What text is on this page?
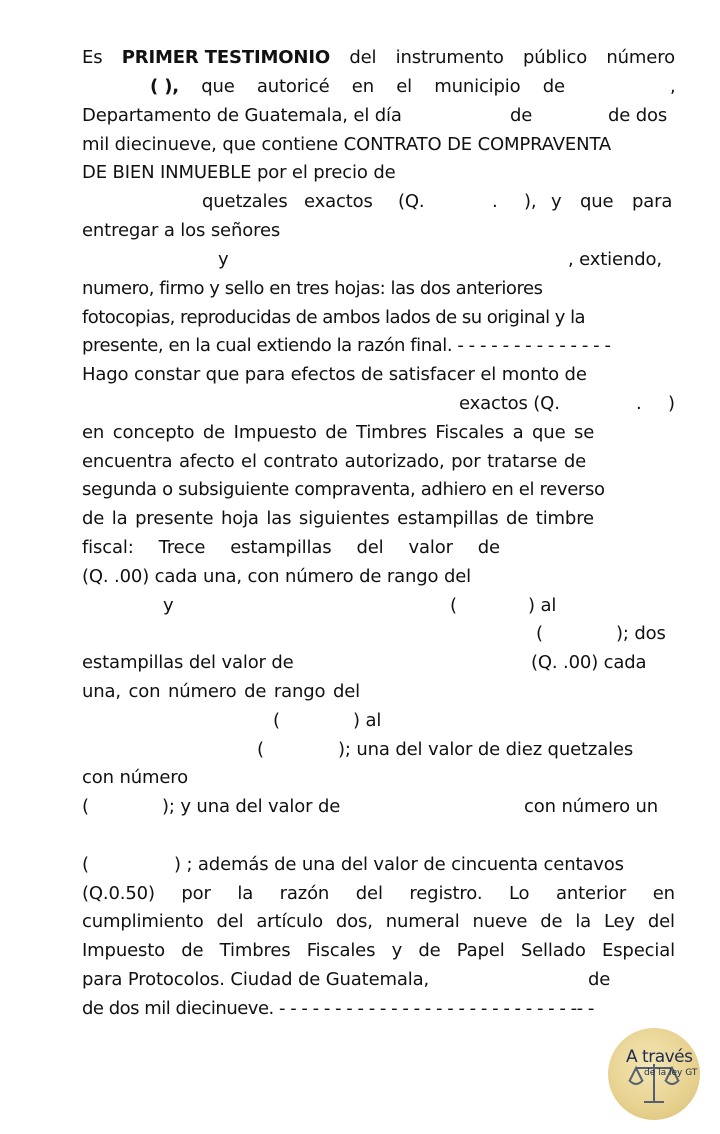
Es PRIMER TESTIMONIO del instrumento público número
( ), que autoricé en el municipio de	,
Departamento de Guatemala, el día	de	de dos
mil diecinueve, que contiene CONTRATO DE COMPRAVENTA
DE BIEN INMUEBLE por el precio de
quetzales exactos (Q.	. ), y que para
entregar a los señores
y	, extiendo,
numero, firmo y sello en tres hojas: las dos anteriores
fotocopias, reproducidas de ambos lados de su original y la
presente, en la cual extiendo la razón final. - - - - - - - - - - - - - -
Hago constar que para efectos de satisfacer el monto de
exactos (Q.	. )
en concepto de Impuesto de Timbres Fiscales a que se
encuentra afecto el contrato autorizado, por tratarse de
segunda o subsiguiente compraventa, adhiero en el reverso
de la presente hoja las siguientes estampillas de timbre
fiscal: Trece estampillas del valor de
(Q. .00) cada una, con número de rango del
y	(	) al
(	); dos
estampillas del valor de	(Q. .00) cada
una, con número de rango del
(	) al
(	); una del valor de diez quetzales
con número
(	); y una del valor de	con número un
(	) ; además de una del valor de cincuenta centavos
(Q.0.50) por la razón del registro. Lo anterior en
cumplimiento del artículo dos, numeral nueve de la Ley del
Impuesto de Timbres Fiscales y de Papel Sellado Especial
para Protocolos. Ciudad de Guatemala,	de
de dos mil diecinueve. - - - - - - - - - - - - - - - - - - - - - - - - - - -- -
A través
de la ley GT
